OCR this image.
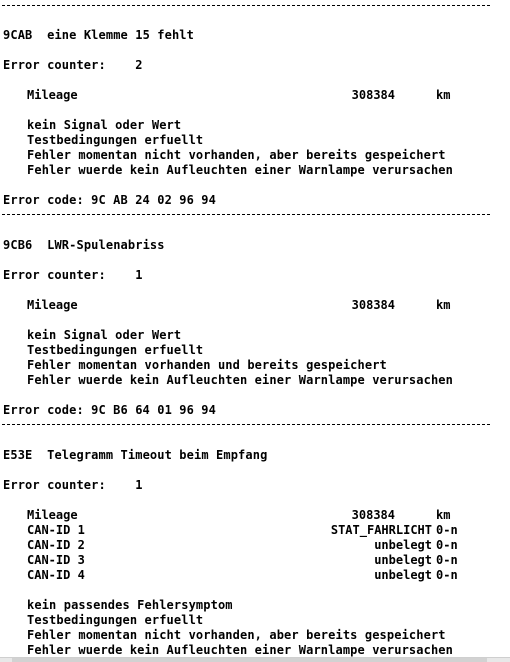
9CAB eine Klemme 15 fehlt
Error counter: 2
Mileage	308384	km
kein Signal oder Wert
Testbedingungen erfuellt
Fehler momentan nicht vorhanden, aber bereits gespeichert
Fehler wuerde kein Aufleuchten einer Warnlampe verursachen
Error code: 9C AB 24 02 96 94
9CB6 LWR-Spulenabriss
Error counter: 1
Mileage	308384	km
kein Signal oder Wert
Testbedingungen erfuellt
Fehler momentan vorhanden und bereits gespeichert
Fehler wuerde kein Aufleuchten einer Warnlampe verursachen
Error code: 9C B6 64 01 96 94
E53E Telegramm Timeout beim Empfang
Error counter: 1
Mileage	308384	km
CAN-ID 1	STAT_FAHRLICHT 0-n
CAN-ID 2	unbelegt 0-n
CAN-ID 3	unbelegt 0-n
CAN-ID 4	unbelegt 0-n
kein passendes Fehlersymptom
Testbedingungen erfuellt
Fehler momentan nicht vorhanden, aber bereits gespeichert
Fehler wuerde kein Aufleuchten einer Warnlampe verursachen
